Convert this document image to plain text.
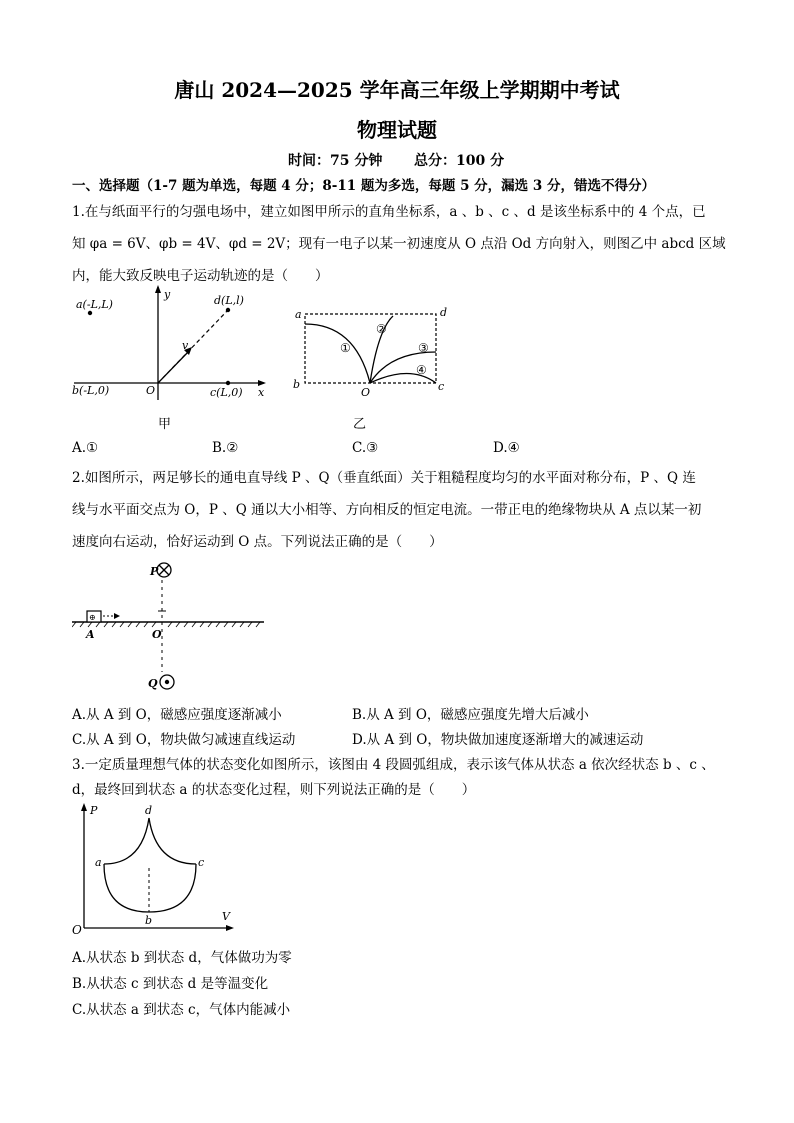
唐山 2024—2025 学年高三年级上学期期中考试
物理试题
时间：75 分钟 总分：100 分
一、选择题（1-7 题为单选，每题 4 分；8-11 题为多选，每题 5 分，漏选 3 分，错选不得分）
1.在与纸面平行的匀强电场中，建立如图甲所示的直角坐标系，a 、b 、c 、d 是该坐标系中的 4 个点，已
知 φa = 6V、φb = 4V、φd = 2V；现有一电子以某一初速度从 O 点沿 Od 方向射入，则图乙中 abcd 区域
内，能大致反映电子运动轨迹的是（　　）
y
x
a(-L,L)
b(-L,0)	c(L,0)
d(L,l)
O
v
甲
a	d
b	c
O
①
②
③
④
乙
A.①	B.②	C.③	D.④
2.如图所示，两足够长的通电直导线 P 、Q（垂直纸面）关于粗糙程度均匀的水平面对称分布，P 、Q 连
线与水平面交点为 O，P 、Q 通以大小相等、方向相反的恒定电流。一带正电的绝缘物块从 A 点以某一初
速度向右运动，恰好运动到 O 点。下列说法正确的是（　　）
⊕
P
Q
A	O
A.从 A 到 O，磁感应强度逐渐减小	B.从 A 到 O，磁感应强度先增大后减小
C.从 A 到 O，物块做匀减速直线运动	D.从 A 到 O，物块做加速度逐渐增大的减速运动
3.一定质量理想气体的状态变化如图所示，该图由 4 段圆弧组成，表示该气体从状态 a 依次经状态 b 、c 、
d，最终回到状态 a 的状态变化过程，则下列说法正确的是（　　）
P
V
O
a
b
c
d
A.从状态 b 到状态 d，气体做功为零
B.从状态 c 到状态 d 是等温变化
C.从状态 a 到状态 c，气体内能减小
